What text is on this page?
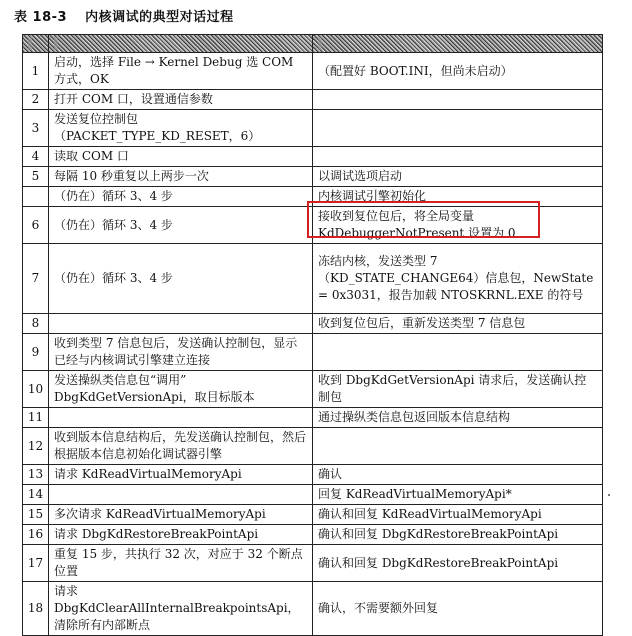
表 18-3 内核调试的典型对话过程

1	启动，选择 File → Kernel Debug 选 COM 方式，OK	（配置好 BOOT.INI，但尚未启动）
2	打开 COM 口，设置通信参数	
3	发送复位控制包（PACKET_TYPE_KD_RESET，6）	
4	读取 COM 口	
5	每隔 10 秒重复以上两步一次	以调试选项启动
	（仍在）循环 3、4 步	内核调试引擎初始化
6	（仍在）循环 3、4 步	接收到复位包后，将全局变量 KdDebuggerNotPresent 设置为 0
7	（仍在）循环 3、4 步	冻结内核，发送类型 7（KD_STATE_CHANGE64）信息包，NewState = 0x3031，报告加载 NTOSKRNL.EXE 的符号
8		收到复位包后，重新发送类型 7 信息包
9	收到类型 7 信息包后，发送确认控制包，显示已经与内核调试引擎建立连接	
10	发送操纵类信息包“调用” DbgKdGetVersionApi，取目标版本	收到 DbgKdGetVersionApi 请求后，发送确认控制包
11		通过操纵类信息包返回版本信息结构
12	收到版本信息结构后，先发送确认控制包，然后根据版本信息初始化调试器引擎	
13	请求 KdReadVirtualMemoryApi	确认
14		回复 KdReadVirtualMemoryApi*
15	多次请求 KdReadVirtualMemoryApi	确认和回复 KdReadVirtualMemoryApi
16	请求 DbgKdRestoreBreakPointApi	确认和回复 DbgKdRestoreBreakPointApi
17	重复 15 步，共执行 32 次，对应于 32 个断点位置	确认和回复 DbgKdRestoreBreakPointApi
18	请求 DbgKdClearAllInternalBreakpointsApi，清除所有内部断点	确认，不需要额外回复
